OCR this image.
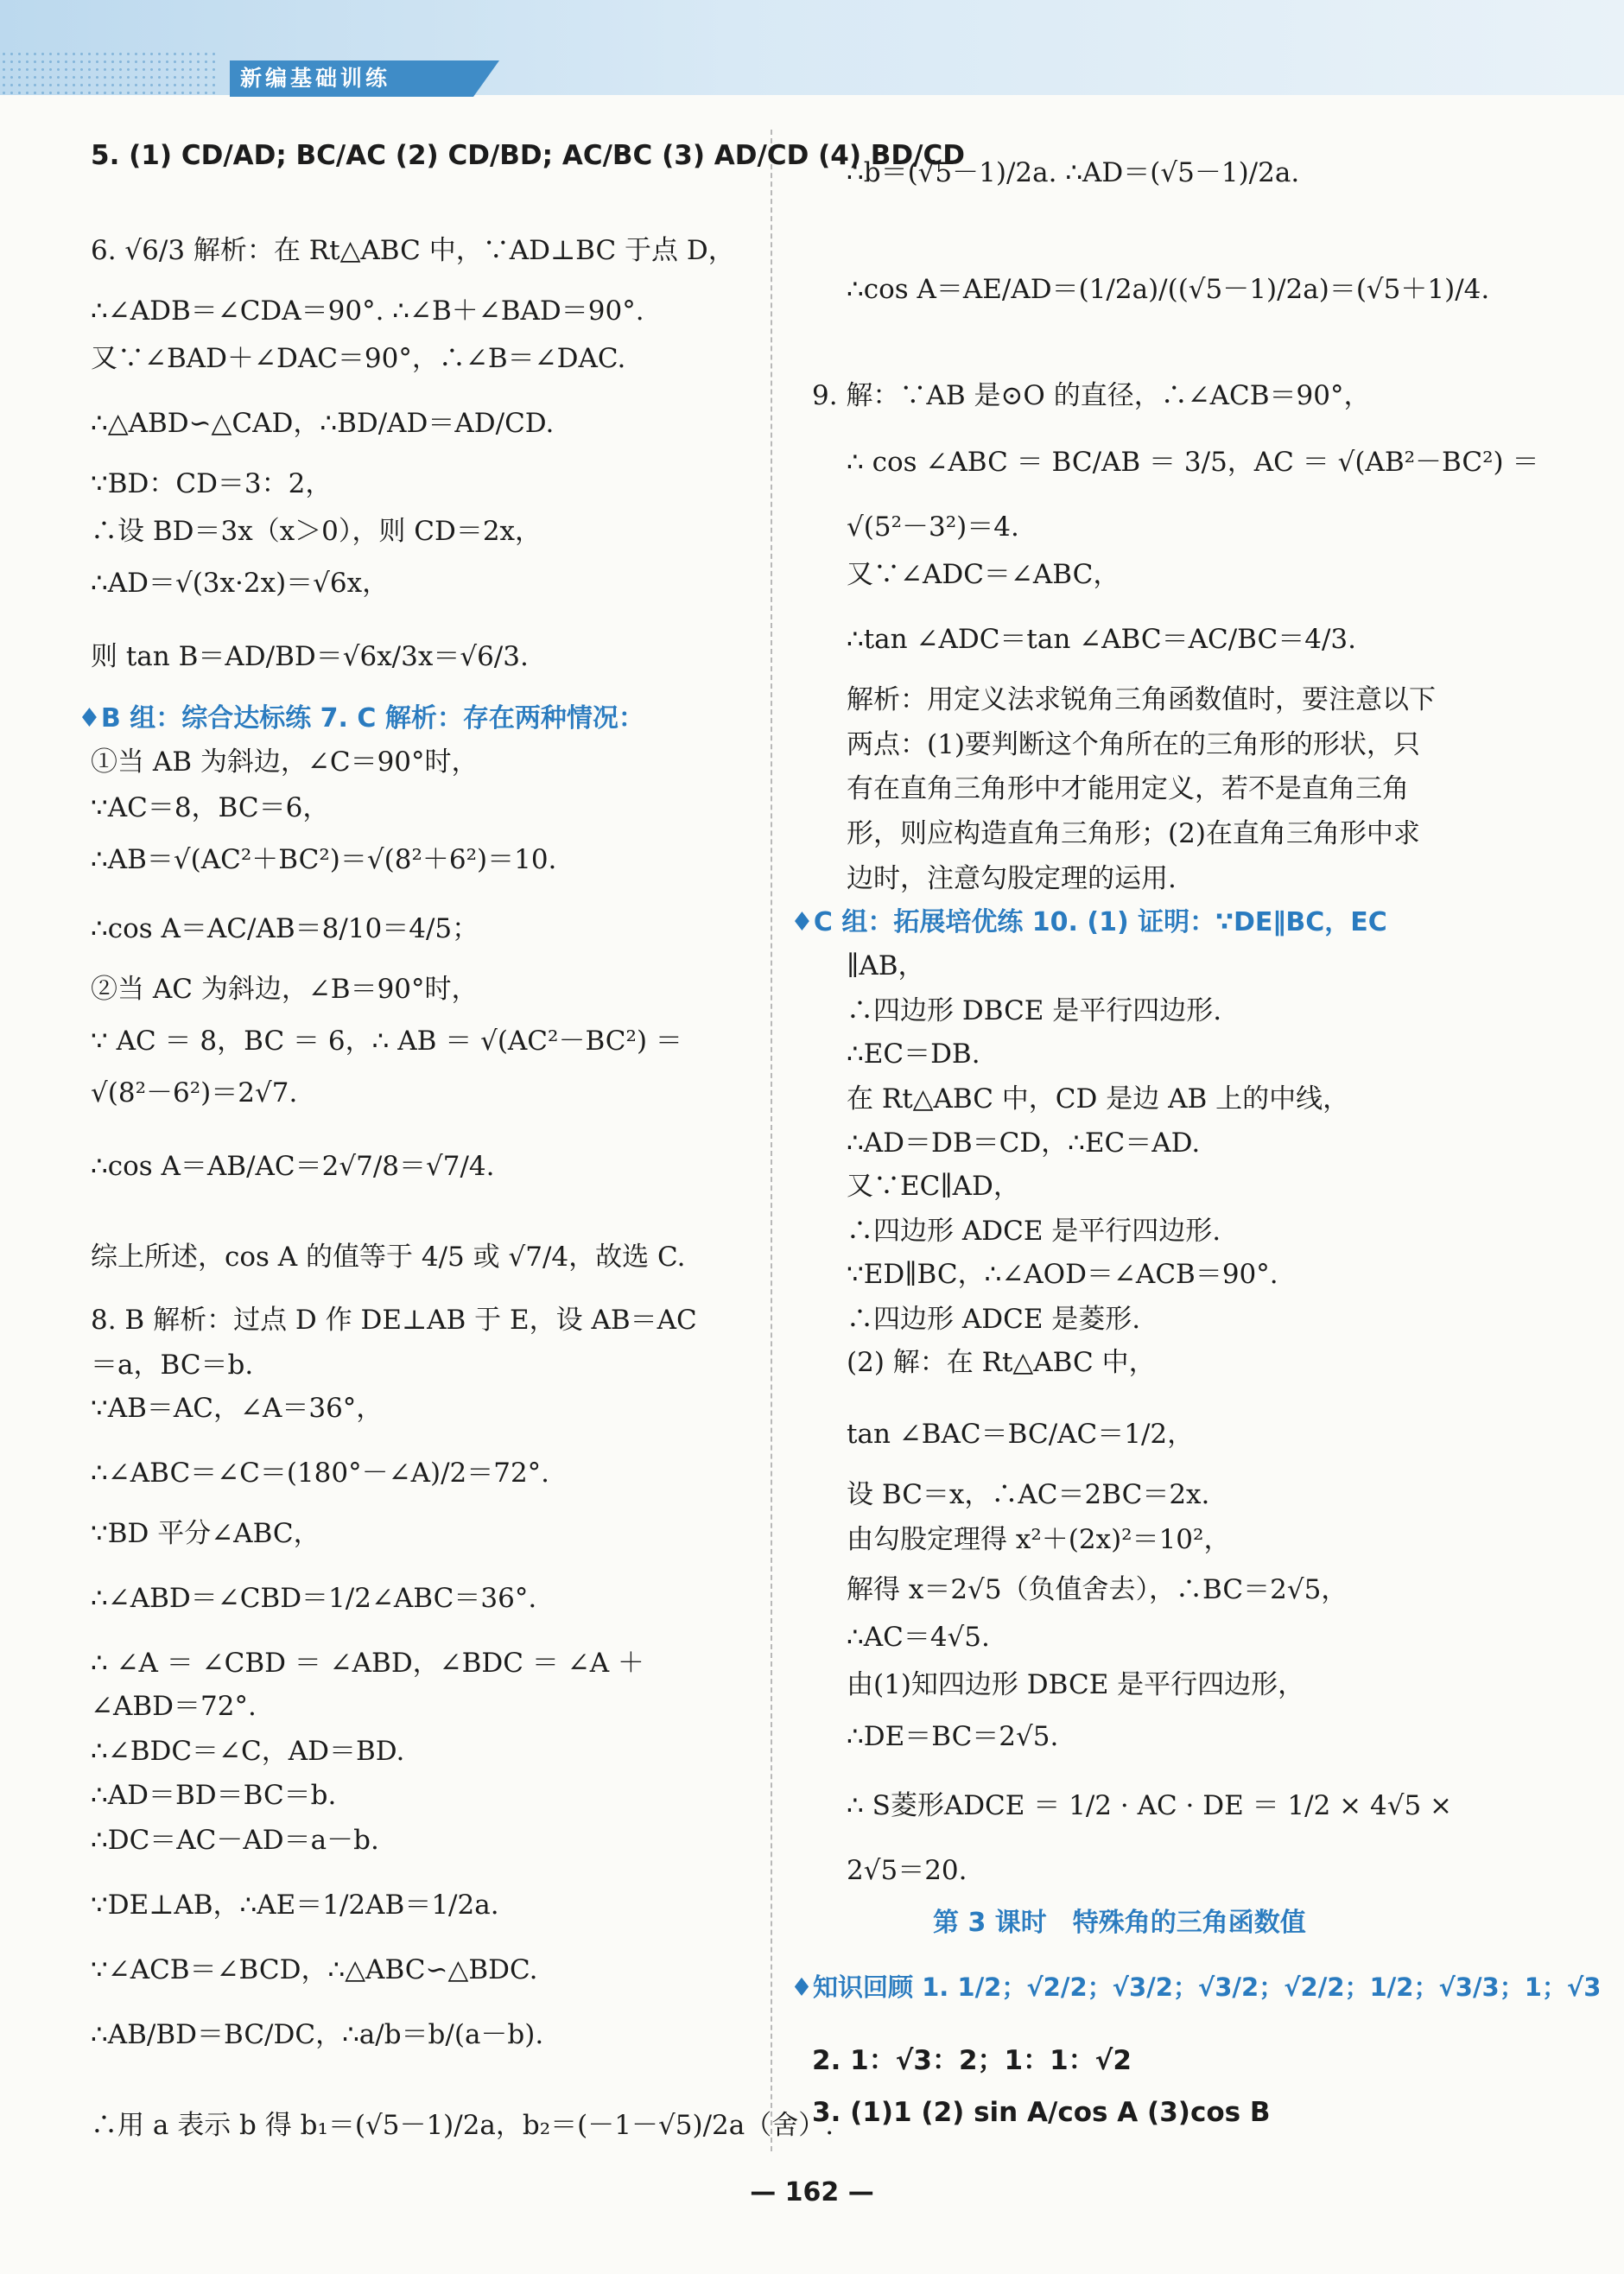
新编基础训练
5. (1) CD/AD; BC/AC (2) CD/BD; AC/BC (3) AD/CD (4) BD/CD
6. √6/3 解析：在 Rt△ABC 中，∵AD⊥BC 于点 D，
∴∠ADB＝∠CDA＝90°. ∴∠B＋∠BAD＝90°.
又∵∠BAD＋∠DAC＝90°，∴∠B＝∠DAC.
∴△ABD∽△CAD，∴BD/AD＝AD/CD.
∵BD：CD＝3：2，
∴设 BD＝3x（x＞0），则 CD＝2x，
∴AD＝√(3x·2x)＝√6x，
则 tan B＝AD/BD＝√6x/3x＝√6/3.
♦B 组：综合达标练 7. C 解析：存在两种情况：
①当 AB 为斜边，∠C＝90°时，
∵AC＝8，BC＝6，
∴AB＝√(AC²＋BC²)＝√(8²＋6²)＝10.
∴cos A＝AC/AB＝8/10＝4/5；
②当 AC 为斜边，∠B＝90°时，
∵ AC ＝ 8，BC ＝ 6，∴ AB ＝ √(AC²－BC²) ＝
√(8²－6²)＝2√7.
∴cos A＝AB/AC＝2√7/8＝√7/4.
综上所述，cos A 的值等于 4/5 或 √7/4，故选 C.
8. B 解析：过点 D 作 DE⊥AB 于 E，设 AB＝AC
＝a，BC＝b.
∵AB＝AC，∠A＝36°，
∴∠ABC＝∠C＝(180°－∠A)/2＝72°.
∵BD 平分∠ABC，
∴∠ABD＝∠CBD＝1/2∠ABC＝36°.
∴ ∠A ＝ ∠CBD ＝ ∠ABD，∠BDC ＝ ∠A ＋
∠ABD＝72°.
∴∠BDC＝∠C，AD＝BD.
∴AD＝BD＝BC＝b.
∴DC＝AC－AD＝a－b.
∵DE⊥AB，∴AE＝1/2AB＝1/2a.
∵∠ACB＝∠BCD，∴△ABC∽△BDC.
∴AB/BD＝BC/DC，∴a/b＝b/(a－b).
∴用 a 表示 b 得 b₁＝(√5－1)/2a，b₂＝(－1－√5)/2a（舍）.
∴b＝(√5－1)/2a. ∴AD＝(√5－1)/2a.
∴cos A＝AE/AD＝(1/2a)/((√5－1)/2a)＝(√5＋1)/4.
9. 解：∵AB 是⊙O 的直径，∴∠ACB＝90°，
∴ cos ∠ABC ＝ BC/AB ＝ 3/5，AC ＝ √(AB²－BC²) ＝
√(5²－3²)＝4.
又∵∠ADC＝∠ABC，
∴tan ∠ADC＝tan ∠ABC＝AC/BC＝4/3.
解析：用定义法求锐角三角函数值时，要注意以下
两点：(1)要判断这个角所在的三角形的形状，只
有在直角三角形中才能用定义，若不是直角三角
形，则应构造直角三角形；(2)在直角三角形中求
边时，注意勾股定理的运用.
♦C 组：拓展培优练 10. (1) 证明：∵DE∥BC，EC
∥AB，
∴四边形 DBCE 是平行四边形.
∴EC＝DB.
在 Rt△ABC 中，CD 是边 AB 上的中线，
∴AD＝DB＝CD，∴EC＝AD.
又∵EC∥AD，
∴四边形 ADCE 是平行四边形.
∵ED∥BC，∴∠AOD＝∠ACB＝90°.
∴四边形 ADCE 是菱形.
(2) 解：在 Rt△ABC 中，
tan ∠BAC＝BC/AC＝1/2，
设 BC＝x，∴AC＝2BC＝2x.
由勾股定理得 x²＋(2x)²＝10²，
解得 x＝2√5（负值舍去），∴BC＝2√5，
∴AC＝4√5.
由(1)知四边形 DBCE 是平行四边形，
∴DE＝BC＝2√5.
∴ S菱形ADCE ＝ 1/2 · AC · DE ＝ 1/2 × 4√5 ×
2√5＝20.
♦知识回顾 1. 1/2；√2/2；√3/2；√3/2；√2/2；1/2；√3/3；1；√3
2. 1：√3：2；1：1：√2
3. (1)1 (2) sin A/cos A (3)cos B
第 3 课时　特殊角的三角函数值
— 162 —
